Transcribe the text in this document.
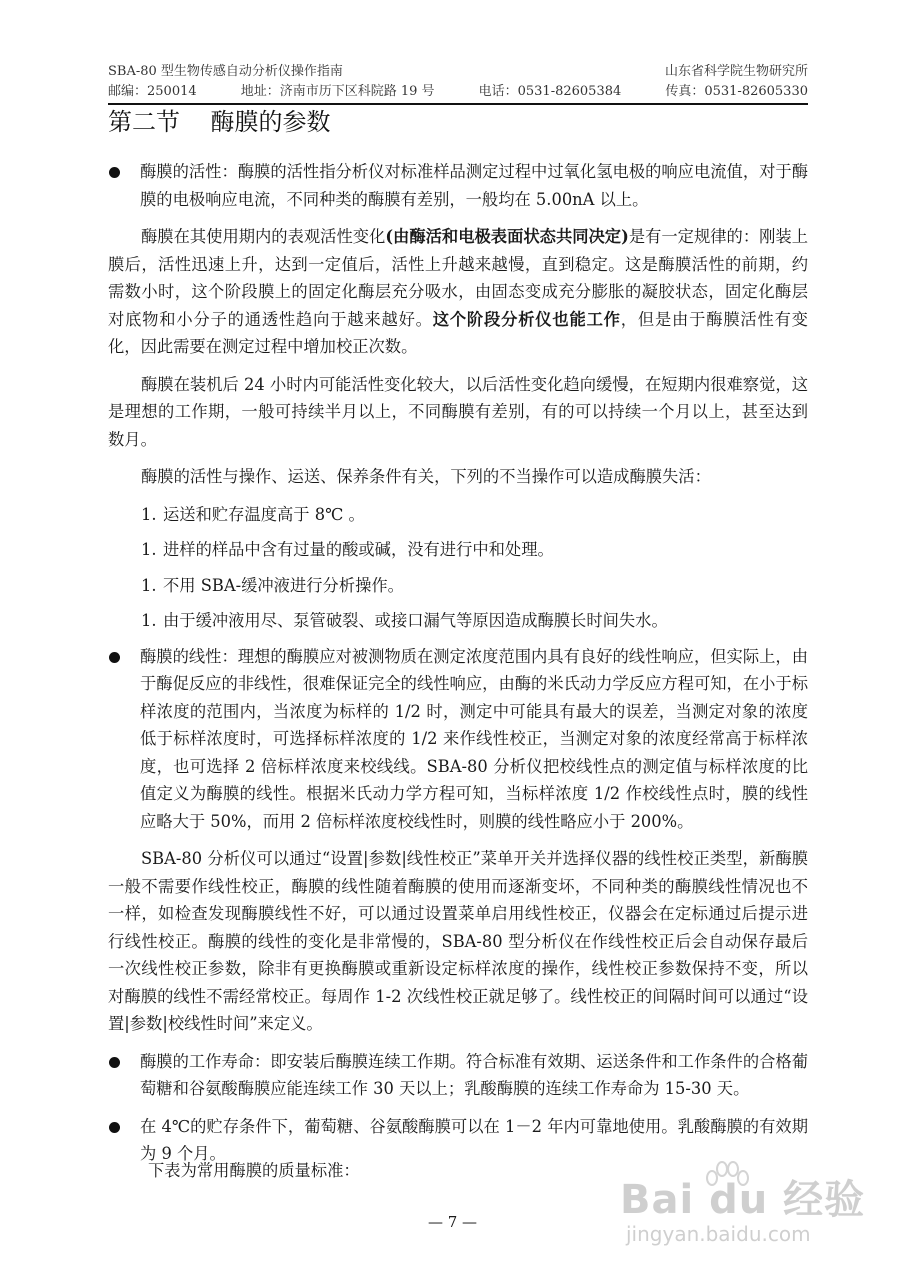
SBA-80 型生物传感自动分析仪操作指南	山东省科学院生物研究所
邮编：250014	地址：济南市历下区科院路 19 号	电话：0531-82605384	传真：0531-82605330
第二节 酶膜的参数
酶膜的活性：酶膜的活性指分析仪对标准样品测定过程中过氧化氢电极的响应电流值，对于酶膜的电极响应电流，不同种类的酶膜有差别，一般均在 5.00nA 以上。

酶膜在其使用期内的表观活性变化(由酶活和电极表面状态共同决定)是有一定规律的：刚装上膜后，活性迅速上升，达到一定值后，活性上升越来越慢，直到稳定。这是酶膜活性的前期，约需数小时，这个阶段膜上的固定化酶层充分吸水，由固态变成充分膨胀的凝胶状态，固定化酶层对底物和小分子的通透性趋向于越来越好。这个阶段分析仪也能工作，但是由于酶膜活性有变化，因此需要在测定过程中增加校正次数。

酶膜在装机后 24 小时内可能活性变化较大，以后活性变化趋向缓慢，在短期内很难察觉，这是理想的工作期，一般可持续半月以上，不同酶膜有差别，有的可以持续一个月以上，甚至达到数月。

酶膜的活性与操作、运送、保养条件有关，下列的不当操作可以造成酶膜失活：

1. 运送和贮存温度高于 8℃ 。
1. 进样的样品中含有过量的酸或碱，没有进行中和处理。
1. 不用 SBA-缓冲液进行分析操作。
1. 由于缓冲液用尽、泵管破裂、或接口漏气等原因造成酶膜长时间失水。
酶膜的线性：理想的酶膜应对被测物质在测定浓度范围内具有良好的线性响应，但实际上，由于酶促反应的非线性，很难保证完全的线性响应，由酶的米氏动力学反应方程可知，在小于标样浓度的范围内，当浓度为标样的 1/2 时，测定中可能具有最大的误差，当测定对象的浓度低于标样浓度时，可选择标样浓度的 1/2 来作线性校正，当测定对象的浓度经常高于标样浓度，也可选择 2 倍标样浓度来校线线。SBA-80 分析仪把校线性点的测定值与标样浓度的比值定义为酶膜的线性。根据米氏动力学方程可知，当标样浓度 1/2 作校线性点时，膜的线性应略大于 50%，而用 2 倍标样浓度校线性时，则膜的线性略应小于 200%。

SBA-80 分析仪可以通过“设置|参数|线性校正”菜单开关并选择仪器的线性校正类型，新酶膜一般不需要作线性校正，酶膜的线性随着酶膜的使用而逐渐变坏，不同种类的酶膜线性情况也不一样，如检查发现酶膜线性不好，可以通过设置菜单启用线性校正，仪器会在定标通过后提示进行线性校正。酶膜的线性的变化是非常慢的，SBA-80 型分析仪在作线性校正后会自动保存最后一次线性校正参数，除非有更换酶膜或重新设定标样浓度的操作，线性校正参数保持不变，所以对酶膜的线性不需经常校正。每周作 1-2 次线性校正就足够了。线性校正的间隔时间可以通过“设置|参数|校线性时间”来定义。

酶膜的工作寿命：即安装后酶膜连续工作期。符合标准有效期、运送条件和工作条件的合格葡萄糖和谷氨酸酶膜应能连续工作 30 天以上；乳酸酶膜的连续工作寿命为 15-30 天。
在 4℃的贮存条件下，葡萄糖、谷氨酸酶膜可以在 1－2 年内可靠地使用。乳酸酶膜的有效期为 9 个月。
下表为常用酶膜的质量标准：
— 7 —	Bai du 经验
jingyan.baidu.com
